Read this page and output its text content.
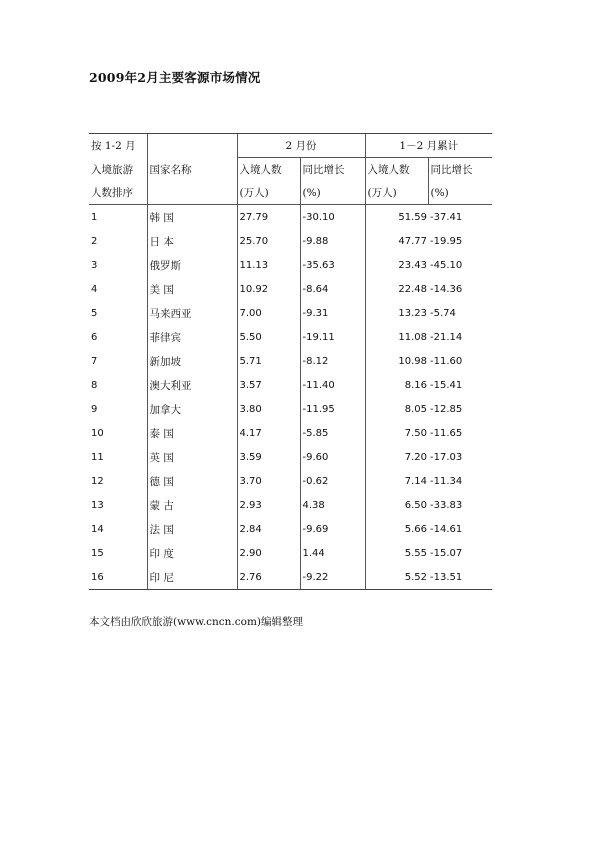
2009年2月主要客源市场情况
按 1-2 月		2 月份		1－2 月累计	
入境旅游	国家名称	入境人数	同比增长	入境人数	同比增长
人数排序		(万人)	(%)	(万人)	(%)
1	韩 国	27.79	-30.10	51.59	-37.41
2	日 本	25.70	-9.88	47.77	-19.95
3	俄罗斯	11.13	-35.63	23.43	-45.10
4	美 国	10.92	-8.64	22.48	-14.36
5	马来西亚	7.00	-9.31	13.23	-5.74
6	菲律宾	5.50	-19.11	11.08	-21.14
7	新加坡	5.71	-8.12	10.98	-11.60
8	澳大利亚	3.57	-11.40	8.16	-15.41
9	加拿大	3.80	-11.95	8.05	-12.85
10	泰 国	4.17	-5.85	7.50	-11.65
11	英 国	3.59	-9.60	7.20	-17.03
12	德 国	3.70	-0.62	7.14	-11.34
13	蒙 古	2.93	4.38	6.50	-33.83
14	法 国	2.84	-9.69	5.66	-14.61
15	印 度	2.90	1.44	5.55	-15.07
16	印 尼	2.76	-9.22	5.52	-13.51
本文档由欣欣旅游(www.cncn.com)编辑整理
